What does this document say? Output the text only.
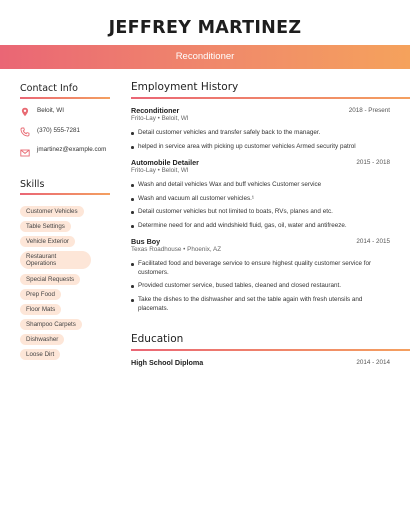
JEFFREY MARTINEZ
Reconditioner
Contact Info
Beloit, WI
(370) 555-7281
jmartinez@example.com
Skills
Customer Vehicles
Table Settings
Vehicle Exterior
Restaurant Operations
Special Requests
Prep Food
Floor Mats
Shampoo Carpets
Dishwasher
Loose Dirt
Employment History
Reconditioner	2018 - Present
Frito-Lay • Beloit, WI
Detail customer vehicles and transfer safely back to the manager.
helped in service area with picking up customer vehicles Armed security patrol
Automobile Detailer	2015 - 2018
Frito-Lay • Beloit, WI
Wash and detail vehicles Wax and buff vehicles Customer service
Wash and vacuum all customer vehicles.¹
Detail customer vehicles but not limited to boats, RVs, planes and etc.
Determine need for and add windshield fluid, gas, oil, water and antifreeze.
Bus Boy	2014 - 2015
Texas Roadhouse • Phoenix, AZ
Facilitated food and beverage service to ensure highest quality customer service for customers.
Provided customer service, bused tables, cleaned and closed restaurant.
Take the dishes to the dishwasher and set the table again with fresh utensils and placemats.
Education
High School Diploma	2014 - 2014
